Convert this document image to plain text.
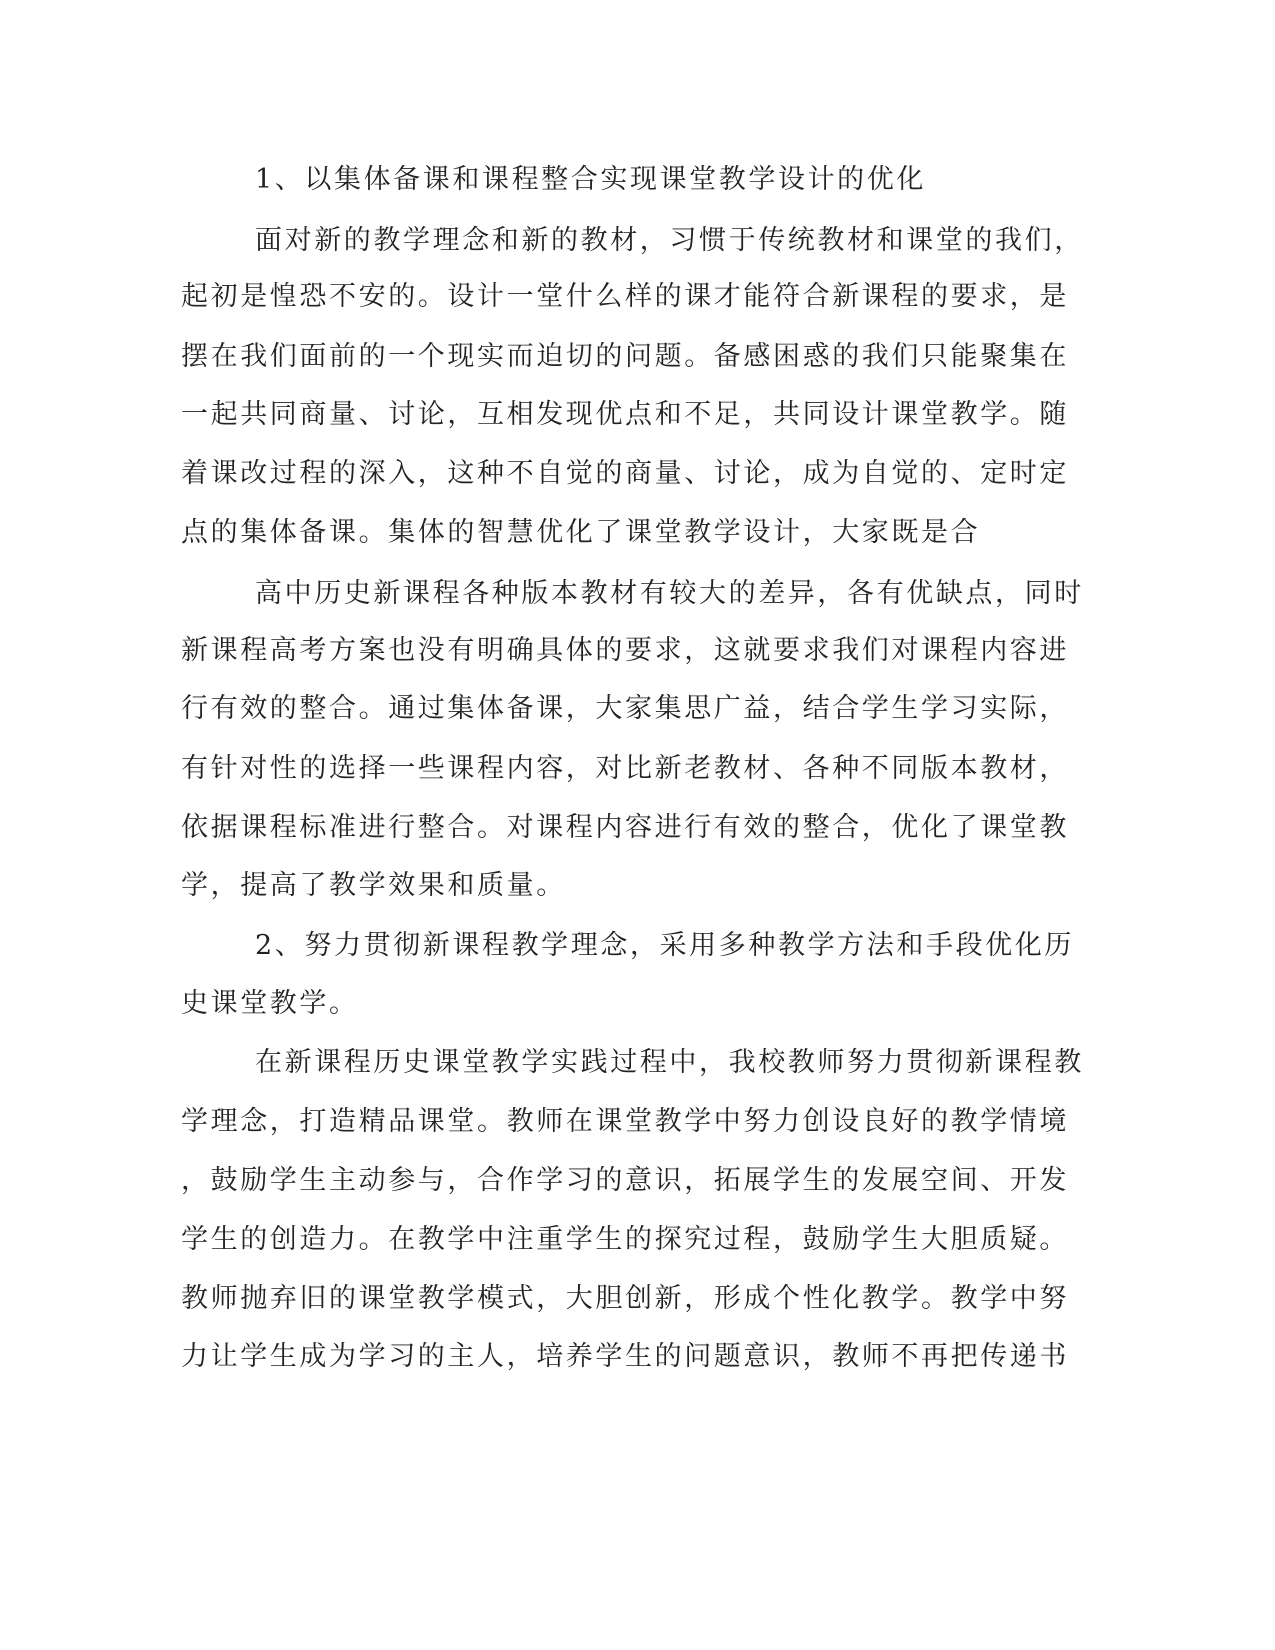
1、以集体备课和课程整合实现课堂教学设计的优化

面对新的教学理念和新的教材，习惯于传统教材和课堂的我们，

起初是惶恐不安的。设计一堂什么样的课才能符合新课程的要求，是

摆在我们面前的一个现实而迫切的问题。备感困惑的我们只能聚集在

一起共同商量、讨论，互相发现优点和不足，共同设计课堂教学。随

着课改过程的深入，这种不自觉的商量、讨论，成为自觉的、定时定

点的集体备课。集体的智慧优化了课堂教学设计，大家既是合

高中历史新课程各种版本教材有较大的差异，各有优缺点，同时

新课程高考方案也没有明确具体的要求，这就要求我们对课程内容进

行有效的整合。通过集体备课，大家集思广益，结合学生学习实际，

有针对性的选择一些课程内容，对比新老教材、各种不同版本教材，

依据课程标准进行整合。对课程内容进行有效的整合，优化了课堂教

学，提高了教学效果和质量。

2、努力贯彻新课程教学理念，采用多种教学方法和手段优化历

史课堂教学。

在新课程历史课堂教学实践过程中，我校教师努力贯彻新课程教

学理念，打造精品课堂。教师在课堂教学中努力创设良好的教学情境

，鼓励学生主动参与，合作学习的意识，拓展学生的发展空间、开发

学生的创造力。在教学中注重学生的探究过程，鼓励学生大胆质疑。

教师抛弃旧的课堂教学模式，大胆创新，形成个性化教学。教学中努

力让学生成为学习的主人，培养学生的问题意识，教师不再把传递书
